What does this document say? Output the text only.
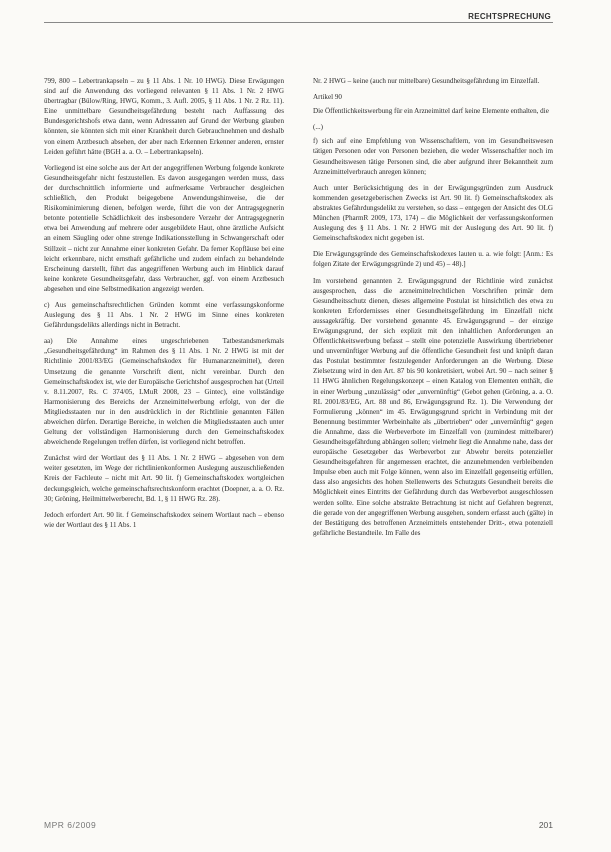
RECHTSPRECHUNG

799, 800 – Lebertrankapseln – zu § 11 Abs. 1 Nr. 10 HWG). Diese Erwägungen sind auf die Anwendung des vorliegend relevanten § 11 Abs. 1 Nr. 2 HWG übertragbar (Bülow/Ring, HWG, Komm., 3. Aufl. 2005, § 11 Abs. 1 Nr. 2 Rz. 11). Eine unmittelbare Gesundheitsgefährdung besteht nach Auffassung des Bundesgerichtshofs etwa dann, wenn Adressaten auf Grund der Werbung glauben könnten, sie könnten sich mit einer Krankheit durch Gebrauchnehmen und deshalb von einem Arztbesuch absehen, der aber nach Erkennen Erkenner anderen, ernster Leiden geführt hätte (BGH a. a. O. – Lebertrankapseln).

Vorliegend ist eine solche aus der Art der angegriffenen Werbung folgende konkrete Gesundheitsgefahr nicht festzustellen. Es davon ausgegangen werden muss, dass der durchschnittlich informierte und aufmerksame Verbraucher desgleichen schließlich, den Produkt beigegebene Anwendungshinweise, die der Risikominimierung dienen, befolgen werde, führt die von der Antragsgegnerin betonte potentielle Schädlichkeit des insbesondere Verzehr der Antragsgegnerin etwa bei Anwendung auf mehrere oder ausgebildete Haut, ohne ärztliche Aufsicht an einem Säugling oder ohne strenge Indikationsstellung in Schwangerschaft oder Stillzeit – nicht zur Annahme einer konkreten Gefahr. Da ferner Kopfläuse bei eine leicht erkennbare, nicht ernsthaft gefährliche und zudem einfach zu behandelnde Erscheinung darstellt, führt das angegriffenen Werbung auch im Hinblick darauf keine konkrete Gesundheitsgefahr, dass Verbraucher, ggf. von einem Arztbesuch abgesehen und eine Selbstmedikation angezeigt werden.

c) Aus gemeinschaftsrechtlichen Gründen kommt eine verfassungskonforme Auslegung des § 11 Abs. 1 Nr. 2 HWG im Sinne eines konkreten Gefährdungsdelikts allerdings nicht in Betracht.

aa) Die Annahme eines ungeschriebenen Tatbestandsmerkmals „Gesundheitsgefährdung“ im Rahmen des § 11 Abs. 1 Nr. 2 HWG ist mit der Richtlinie 2001/83/EG (Gemeinschaftskodex für Humanarzneimittel), deren Umsetzung die genannte Vorschrift dient, nicht vereinbar. Durch den Gemeinschaftskodex ist, wie der Europäische Gerichtshof ausgesprochen hat (Urteil v. 8.11.2007, Rs. C 374/05, LMuR 2008, 23 – Gintec), eine vollständige Harmonisierung des Bereichs der Arzneimittelwerbung erfolgt, von der die Mitgliedsstaaten nur in den ausdrücklich in der Richtlinie genannten Fällen abweichen dürfen. Derartige Bereiche, in welchen die Mitgliedsstaaten auch unter Geltung der vollständigen Harmonisierung durch den Gemeinschaftskodex abweichende Regelungen treffen dürfen, ist vorliegend nicht betroffen.

Zunächst wird der Wortlaut des § 11 Abs. 1 Nr. 2 HWG – abgesehen von dem weiter gesetzten, im Wege der richtlinienkonformen Auslegung auszuschließenden Kreis der Fachleute – nicht mit Art. 90 lit. f) Gemeinschaftskodex wortgleichen deckungsgleich, welche gemeinschaftsrechtskonform erachtet (Doepner, a. a. O. Rz. 30; Gröning, Heilmittelwerberecht, Bd. 1, § 11 HWG Rz. 28).

Jedoch erfordert Art. 90 lit. f Gemeinschaftskodex seinem Wortlaut nach – ebenso wie der Wortlaut des § 11 Abs. 1

Nr. 2 HWG – keine (auch nur mittelbare) Gesundheitsgefährdung im Einzelfall.

Artikel 90

Die Öffentlichkeitswerbung für ein Arzneimittel darf keine Elemente enthalten, die

(...)

f) sich auf eine Empfehlung von Wissenschaftlern, von im Gesundheitswesen tätigen Personen oder von Personen beziehen, die weder Wissenschaftler noch im Gesundheitswesen tätige Personen sind, die aber aufgrund ihrer Bekanntheit zum Arzneimittelverbrauch anregen können;

Auch unter Berücksichtigung des in der Erwägungsgründen zum Ausdruck kommenden gesetzgeberischen Zwecks ist Art. 90 lit. f) Gemeinschaftskodex als abstraktes Gefährdungsdelikt zu verstehen, so dass – entgegen der Ansicht des OLG München (PharmR 2009, 173, 174) – die Möglichkeit der verfassungskonformen Auslegung des § 11 Abs. 1 Nr. 2 HWG mit der Auslegung des Art. 90 lit. f) Gemeinschaftskodex nicht gegeben ist.

Die Erwägungsgründe des Gemeinschaftskodexes lauten u. a. wie folgt: [Anm.: Es folgen Zitate der Erwägungsgründe 2) und 45) – 48).]

Im vorstehend genannten 2. Erwägungsgrund der Richtlinie wird zunächst ausgesprochen, dass die arzneimittelrechtlichen Vorschriften primär dem Gesundheitsschutz dienen, dieses allgemeine Postulat ist hinsichtlich des etwa zu konkreten Erfordernisses einer Gesundheitsgefährdung im Einzelfall nicht aussagekräftig. Der vorstehend genannte 45. Erwägungsgrund – der einzige Erwägungsgrund, der sich explizit mit den inhaltlichen Anforderungen an Öffentlichkeitswerbung befasst – stellt eine potenzielle Auswirkung übertriebener und unvernünftiger Werbung auf die öffentliche Gesundheit fest und knüpft daran das Postulat bestimmter festzulegender Anforderungen an die Werbung. Diese Zielsetzung wird in den Art. 87 bis 90 konkretisiert, wobei Art. 90 – nach seiner § 11 HWG ähnlichen Regelungskonzept – einen Katalog von Elementen enthält, die in einer Werbung „unzulässig“ oder „unvernünftig“ (Gebot gehen (Gröning, a. a. O. RL 2001/83/EG, Art. 88 und 86, Erwägungsgrund Rz. 1). Die Verwendung der Formulierung „können“ im 45. Erwägungsgrund spricht in Verbindung mit der Benennung bestimmter Werbeinhalte als „übertrieben“ oder „unvernünftig“ gegen die Annahme, dass die Werbeverbote im Einzelfall von (zumindest mittelbarer) Gesundheitsgefährdung abhängen sollen; vielmehr liegt die Annahme nahe, dass der europäische Gesetzgeber das Werbeverbot zur Abwehr bereits potenzieller Gesundheitsgefahren für angemessen erachtet, die anzunehmenden verbleibenden Impulse eben auch mit Folge können, wenn also im Einzelfall gegenseitig erfüllen, dass also angesichts des hohen Stellenwerts des Schutzguts Gesundheit bereits die Möglichkeit eines Eintritts der Gefährdung durch das Werbeverbot ausgeschlossen werden sollte. Eine solche abstrakte Betrachtung ist nicht auf Gefahren begrenzt, die gerade von der angegriffenen Werbung ausgehen, sondern erfasst auch (gälte) in der Bestätigung des betroffenen Arzneimittels entstehender Dritt-, etwa potenziell gefährliche Bestandteile. Im Falle des

MPR 6/2009	201
